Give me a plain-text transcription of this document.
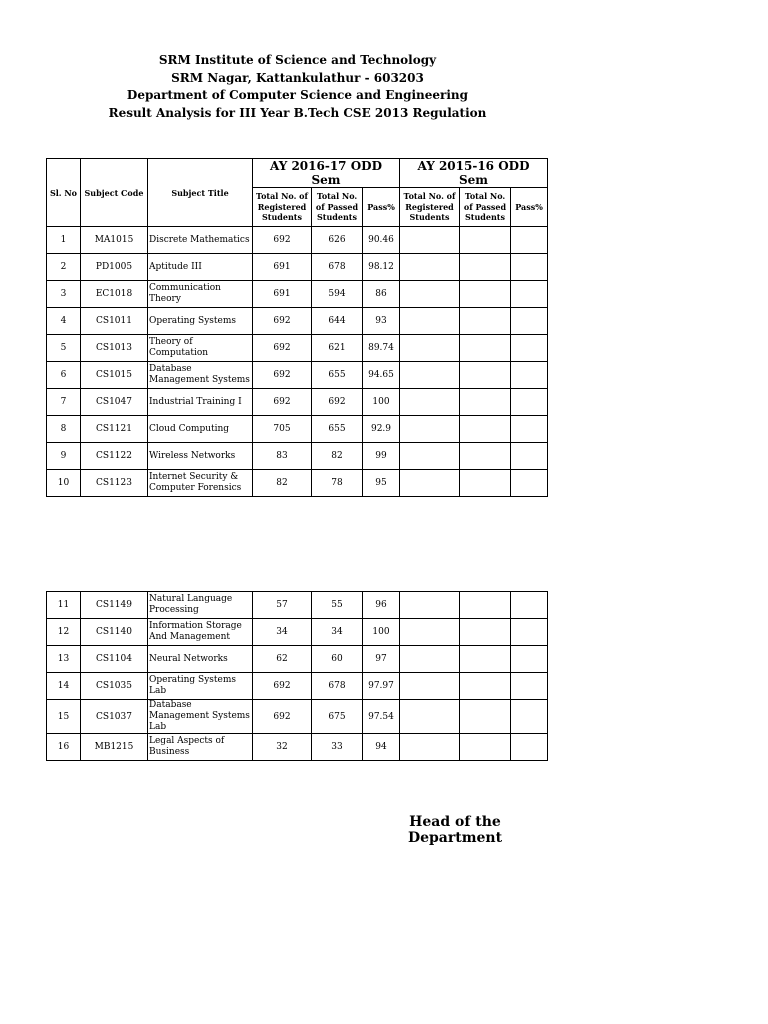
SRM Institute of Science and Technology
SRM Nagar, Kattankulathur - 603203
Department of Computer Science and Engineering
Result Analysis for III Year B.Tech CSE 2013 Regulation
Sl. No	Subject Code	Subject Title	AY 2016-17 ODD Sem			AY 2015-16 ODD Sem		
			Total No. of Registered Students	Total No. of Passed Students	Pass%	Total No. of Registered Students	Total No. of Passed Students	Pass%
1	MA1015	Discrete Mathematics	692	626	90.46			
2	PD1005	Aptitude III	691	678	98.12			
3	EC1018	Communication Theory	691	594	86			
4	CS1011	Operating Systems	692	644	93			
5	CS1013	Theory of Computation	692	621	89.74			
6	CS1015	Database Management Systems	692	655	94.65			
7	CS1047	Industrial Training I	692	692	100			
8	CS1121	Cloud Computing	705	655	92.9			
9	CS1122	Wireless Networks	83	82	99			
10	CS1123	Internet Security & Computer Forensics	82	78	95			
11	CS1149	Natural Language Processing	57	55	96			
12	CS1140	Information Storage And Management	34	34	100			
13	CS1104	Neural Networks	62	60	97			
14	CS1035	Operating Systems Lab	692	678	97.97			
15	CS1037	Database Management Systems Lab	692	675	97.54			
16	MB1215	Legal Aspects of Business	32	33	94			
Head of the Department
